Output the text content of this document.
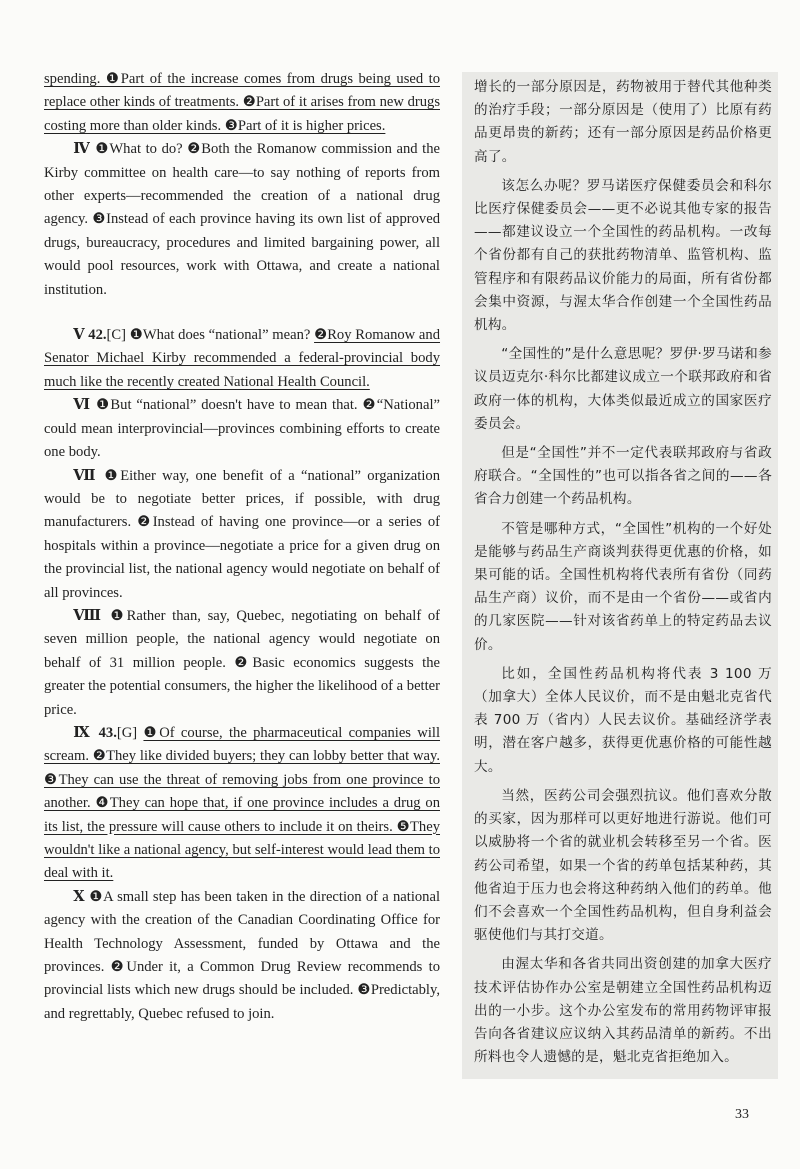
spending. ❶Part of the increase comes from drugs being used to replace other kinds of treatments. ❷Part of it arises from new drugs costing more than older kinds. ❸Part of it is higher prices.

Ⅳ ❶What to do? ❷Both the Romanow commission and the Kirby committee on health care—to say nothing of reports from other experts—recommended the creation of a national drug agency. ❸Instead of each province having its own list of approved drugs, bureaucracy, procedures and limited bargaining power, all would pool resources, work with Ottawa, and create a national institution.

Ⅴ 42.[C] ❶What does “national” mean? ❷Roy Romanow and Senator Michael Kirby recommended a federal-provincial body much like the recently created National Health Council.

Ⅵ ❶But “national” doesn't have to mean that. ❷“National” could mean interprovincial—provinces combining efforts to create one body.

Ⅶ ❶Either way, one benefit of a “national” organization would be to negotiate better prices, if possible, with drug manufacturers. ❷Instead of having one province—or a series of hospitals within a province—negotiate a price for a given drug on the provincial list, the national agency would negotiate on behalf of all provinces.

Ⅷ ❶Rather than, say, Quebec, negotiating on behalf of seven million people, the national agency would negotiate on behalf of 31 million people. ❷Basic economics suggests the greater the potential consumers, the higher the likelihood of a better price.

Ⅸ 43.[G] ❶Of course, the pharmaceutical companies will scream. ❷They like divided buyers; they can lobby better that way. ❸They can use the threat of removing jobs from one province to another. ❹They can hope that, if one province includes a drug on its list, the pressure will cause others to include it on theirs. ❺They wouldn't like a national agency, but self-interest would lead them to deal with it.

Ⅹ ❶A small step has been taken in the direction of a national agency with the creation of the Canadian Coordinating Office for Health Technology Assessment, funded by Ottawa and the provinces. ❷Under it, a Common Drug Review recommends to provincial lists which new drugs should be included. ❸Predictably, and regrettably, Quebec refused to join.

增长的一部分原因是，药物被用于替代其他种类的治疗手段；一部分原因是（使用了）比原有药品更昂贵的新药；还有一部分原因是药品价格更高了。

该怎么办呢？罗马诺医疗保健委员会和科尔比医疗保健委员会——更不必说其他专家的报告——都建议设立一个全国性的药品机构。一改每个省份都有自己的获批药物清单、监管机构、监管程序和有限药品议价能力的局面，所有省份都会集中资源，与渥太华合作创建一个全国性药品机构。

“全国性的”是什么意思呢？罗伊·罗马诺和参议员迈克尔·科尔比都建议成立一个联邦政府和省政府一体的机构，大体类似最近成立的国家医疗委员会。

但是“全国性”并不一定代表联邦政府与省政府联合。“全国性的”也可以指各省之间的——各省合力创建一个药品机构。

不管是哪种方式，“全国性”机构的一个好处是能够与药品生产商谈判获得更优惠的价格，如果可能的话。全国性机构将代表所有省份（同药品生产商）议价，而不是由一个省份——或省内的几家医院——针对该省药单上的特定药品去议价。

比如，全国性药品机构将代表 3 100 万（加拿大）全体人民议价，而不是由魁北克省代表 700 万（省内）人民去议价。基础经济学表明，潜在客户越多，获得更优惠价格的可能性越大。

当然，医药公司会强烈抗议。他们喜欢分散的买家，因为那样可以更好地进行游说。他们可以威胁将一个省的就业机会转移至另一个省。医药公司希望，如果一个省的药单包括某种药，其他省迫于压力也会将这种药纳入他们的药单。他们不会喜欢一个全国性药品机构，但自身利益会驱使他们与其打交道。

由渥太华和各省共同出资创建的加拿大医疗技术评估协作办公室是朝建立全国性药品机构迈出的一小步。这个办公室发布的常用药物评审报告向各省建议应议纳入其药品清单的新药。不出所料也令人遗憾的是，魁北克省拒绝加入。

33
